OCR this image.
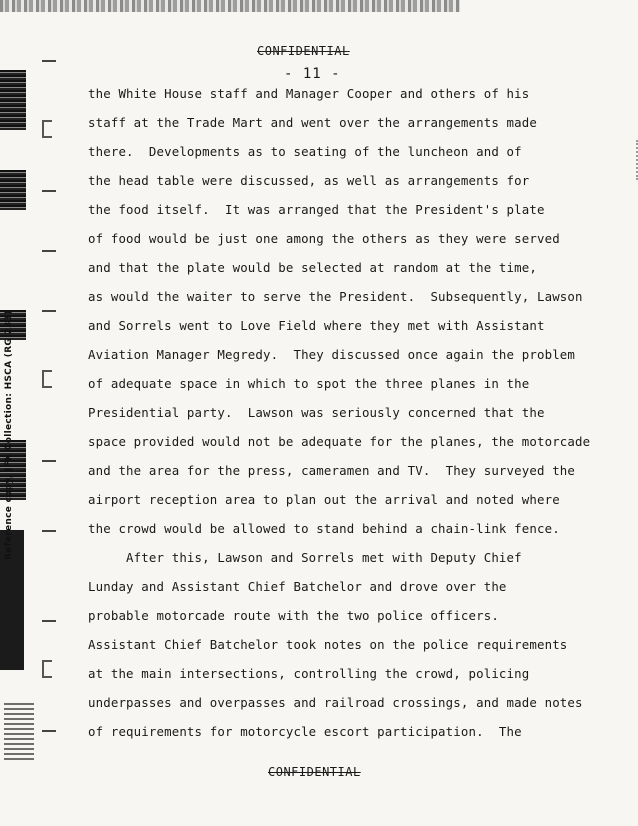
Reference copy, JFK Collection: HSCA (RG 233)
CONFIDENTIAL
- 11 -
the White House staff and Manager Cooper and others of his
staff at the Trade Mart and went over the arrangements made
there.  Developments as to seating of the luncheon and of
the head table were discussed, as well as arrangements for
the food itself.  It was arranged that the President's plate
of food would be just one among the others as they were served
and that the plate would be selected at random at the time,
as would the waiter to serve the President.  Subsequently, Lawson
and Sorrels went to Love Field where they met with Assistant
Aviation Manager Megredy.  They discussed once again the problem
of adequate space in which to spot the three planes in the
Presidential party.  Lawson was seriously concerned that the
space provided would not be adequate for the planes, the motorcade
and the area for the press, cameramen and TV.  They surveyed the
airport reception area to plan out the arrival and noted where
the crowd would be allowed to stand behind a chain-link fence.
After this, Lawson and Sorrels met with Deputy Chief
Lunday and Assistant Chief Batchelor and drove over the
probable motorcade route with the two police officers.
Assistant Chief Batchelor took notes on the police requirements
at the main intersections, controlling the crowd, policing
underpasses and overpasses and railroad crossings, and made notes
of requirements for motorcycle escort participation.  The
CONFIDENTIAL
